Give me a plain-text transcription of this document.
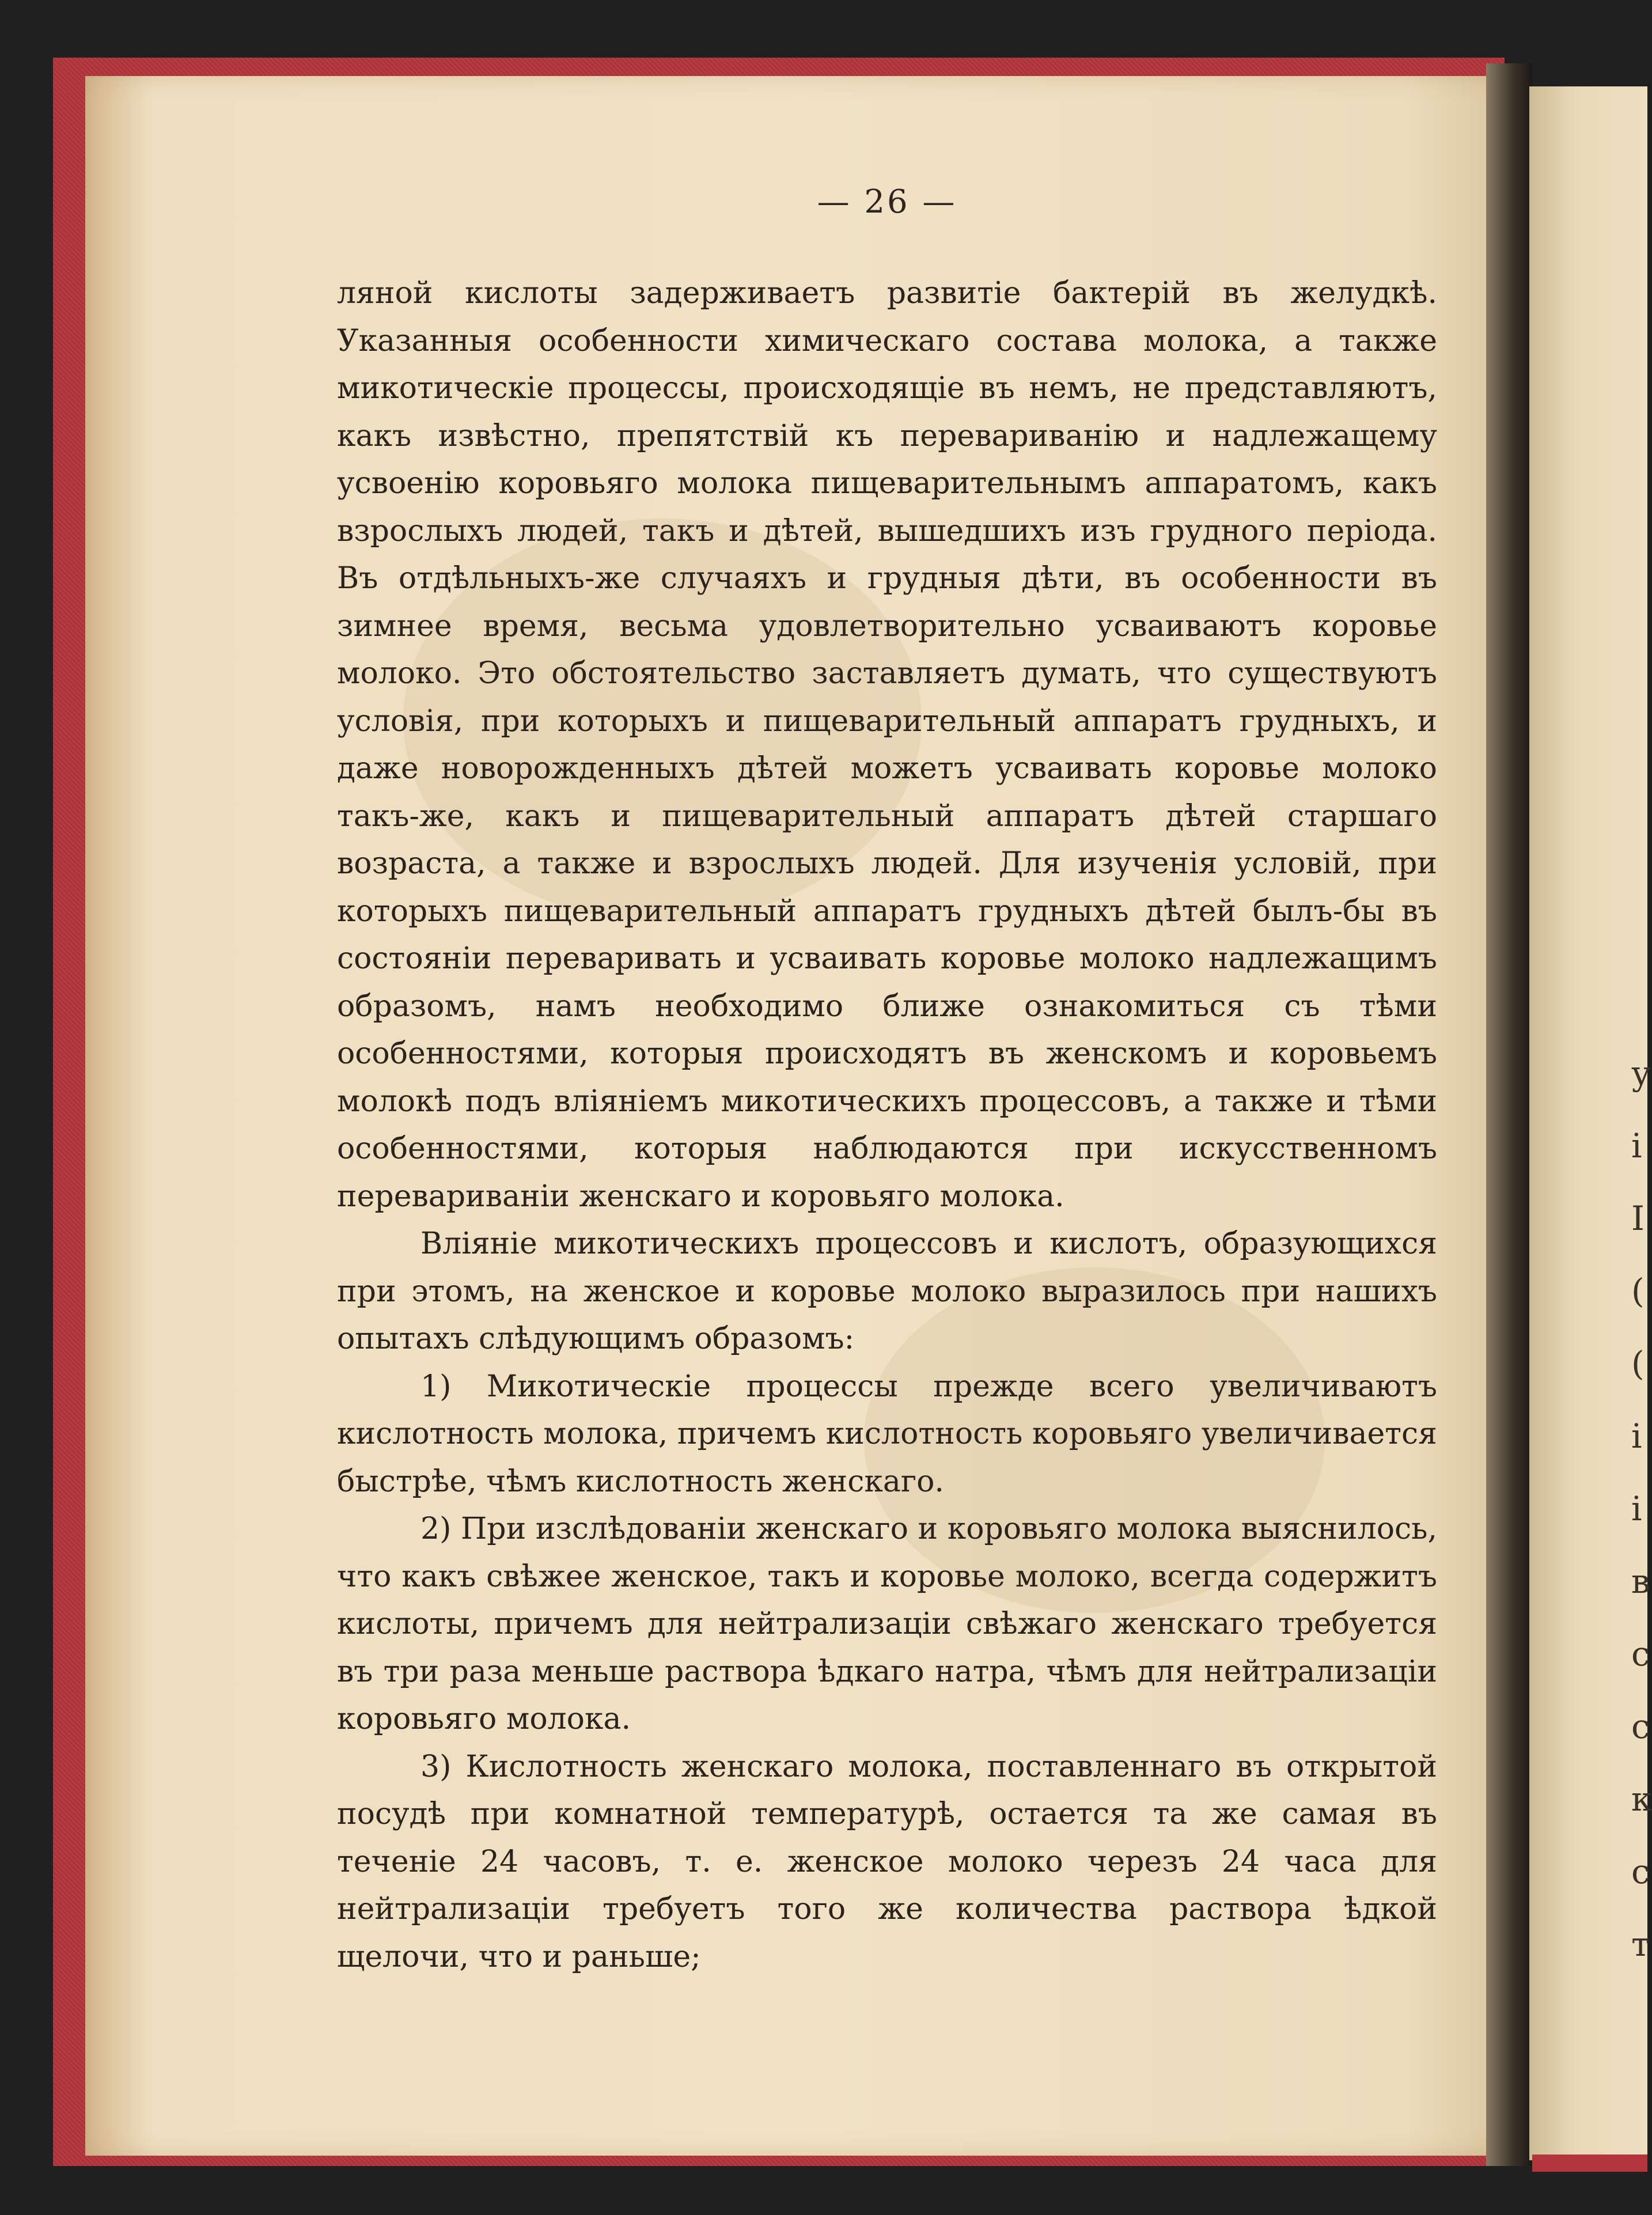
у
і
І
(
(
і
і
в
с
с
к
с
т
— 26 —

ляной кислоты задерживаетъ развитіе бактерій въ желудкѣ. Указанныя особенности химическаго состава молока, а также микотическіе процессы, происходящіе въ немъ, не представляютъ, какъ извѣстно, препятствій къ перевариванію и надлежащему усвоенію коровьяго молока пищеварительнымъ аппаратомъ, какъ взрослыхъ людей, такъ и дѣтей, вышедшихъ изъ грудного періода. Въ отдѣльныхъ-же случаяхъ и грудныя дѣти, въ особенности въ зимнее время, весьма удовлетворительно усваиваютъ коровье молоко. Это обстоятельство заставляетъ думать, что существуютъ условія, при которыхъ и пищеварительный аппаратъ грудныхъ, и даже новорожденныхъ дѣтей можетъ усваивать коровье молоко такъ-же, какъ и пищеварительный аппаратъ дѣтей старшаго возраста, а также и взрослыхъ людей. Для изученія условій, при которыхъ пищеварительный аппаратъ грудныхъ дѣтей былъ-бы въ состояніи переваривать и усваивать коровье молоко надлежащимъ образомъ, намъ необходимо ближе ознакомиться съ тѣми особенностями, которыя происходятъ въ женскомъ и коровьемъ молокѣ подъ вліяніемъ микотическихъ процессовъ, а также и тѣми особенностями, которыя наблюдаются при искусственномъ перевариваніи женскаго и коровьяго молока.

Вліяніе микотическихъ процессовъ и кислотъ, образующихся при этомъ, на женское и коровье молоко выразилось при нашихъ опытахъ слѣдующимъ образомъ:

1) Микотическіе процессы прежде всего увеличиваютъ кислотность молока, причемъ кислотность коровьяго увеличивается быстрѣе, чѣмъ кислотность женскаго.

2) При изслѣдованіи женскаго и коровьяго молока выяснилось, что какъ свѣжее женское, такъ и коровье молоко, всегда содержитъ кислоты, причемъ для нейтрализаціи свѣжаго женскаго требуется въ три раза меньше раствора ѣдкаго натра, чѣмъ для нейтрализаціи коровьяго молока.

3) Кислотность женскаго молока, поставленнаго въ открытой посудѣ при комнатной температурѣ, остается та же самая въ теченіе 24 часовъ, т. е. женское молоко черезъ 24 часа для нейтрализаціи требуетъ того же количества раствора ѣдкой щелочи, что и раньше;
